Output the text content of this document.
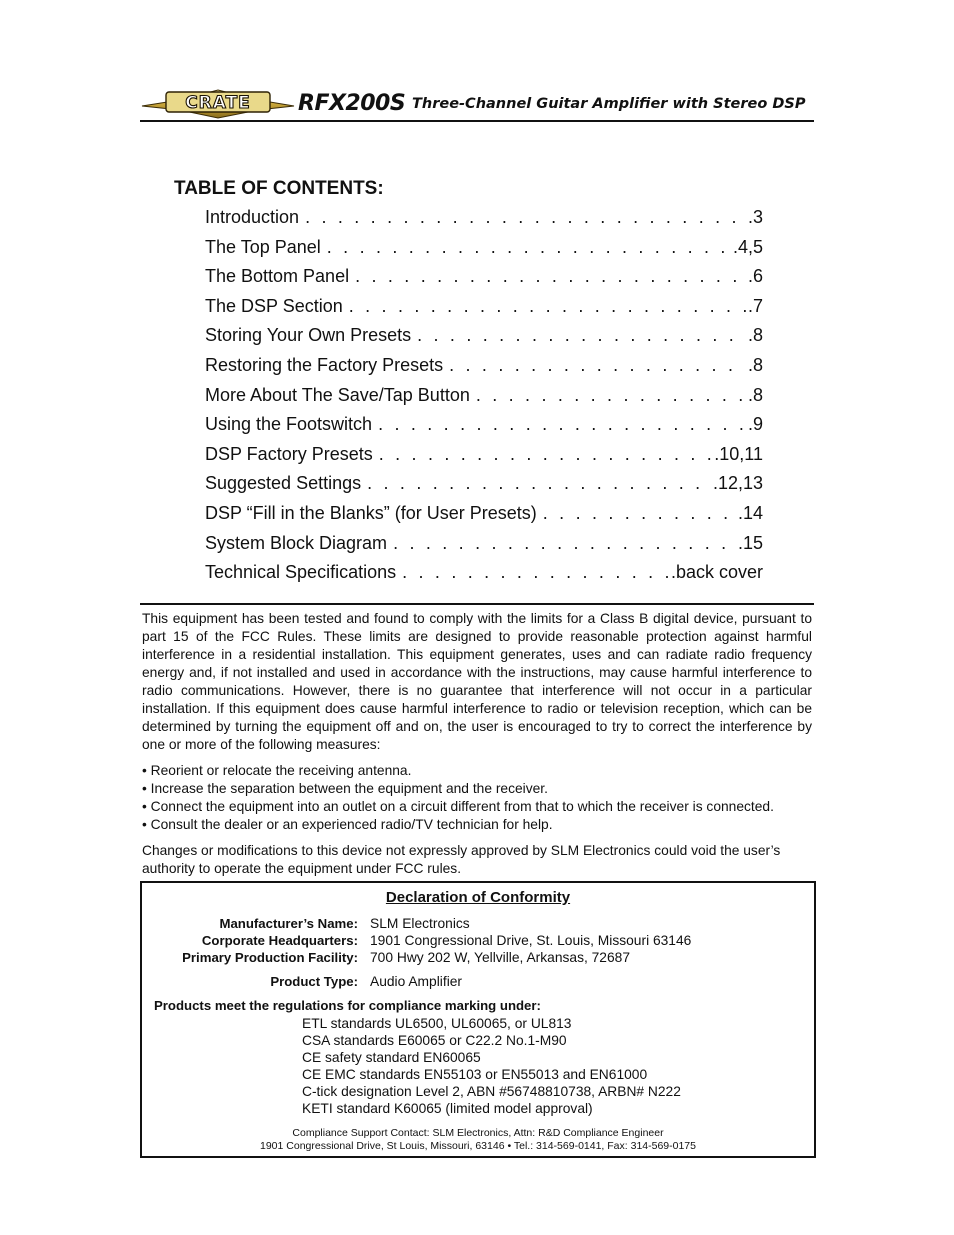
CRATE RFX200S Three-Channel Guitar Amplifier with Stereo DSP
TABLE OF CONTENTS:
Introduction . . .	.3
The Top Panel . . .	.4,5
The Bottom Panel . . .	.6
The DSP Section . . .	.7
Storing Your Own Presets . . .	.8
Restoring the Factory Presets . . .	.8
More About The Save/Tap Button . . .	.8
Using the Footswitch . . .	.9
DSP Factory Presets . . .	.10,11
Suggested Settings . . .	.12,13
DSP “Fill in the Blanks” (for User Presets) . . .	.14
System Block Diagram . . .	.15
Technical Specifications . . .	.back cover

This equipment has been tested and found to comply with the limits for a Class B digital device, pursuant to part 15 of the FCC Rules. These limits are designed to provide reasonable protection against harmful interference in a residential installation. This equipment generates, uses and can radiate radio frequency energy and, if not installed and used in accordance with the instructions, may cause harmful interference to radio communications. However, there is no guarantee that interference will not occur in a particular installation. If this equipment does cause harmful interference to radio or television reception, which can be determined by turning the equipment off and on, the user is encouraged to try to correct the interference by one or more of the following measures:

• Reorient or relocate the receiving antenna.
• Increase the separation between the equipment and the receiver.
• Connect the equipment into an outlet on a circuit different from that to which the receiver is connected.
• Consult the dealer or an experienced radio/TV technician for help.

Changes or modifications to this device not expressly approved by SLM Electronics could void the user’s authority to operate the equipment under FCC rules.

Declaration of Conformity
Manufacturer’s Name: SLM Electronics
Corporate Headquarters: 1901 Congressional Drive, St. Louis, Missouri 63146
Primary Production Facility: 700 Hwy 202 W, Yellville, Arkansas, 72687
Product Type: Audio Amplifier
Products meet the regulations for compliance marking under:
ETL standards UL6500, UL60065, or UL813
CSA standards E60065 or C22.2 No.1-M90
CE safety standard EN60065
CE EMC standards EN55103 or EN55013 and EN61000
C-tick designation Level 2, ABN #56748810738, ARBN# N222
KETI standard K60065 (limited model approval)
Compliance Support Contact: SLM Electronics, Attn: R&D Compliance Engineer
1901 Congressional Drive, St Louis, Missouri, 63146 • Tel.: 314-569-0141, Fax: 314-569-0175
